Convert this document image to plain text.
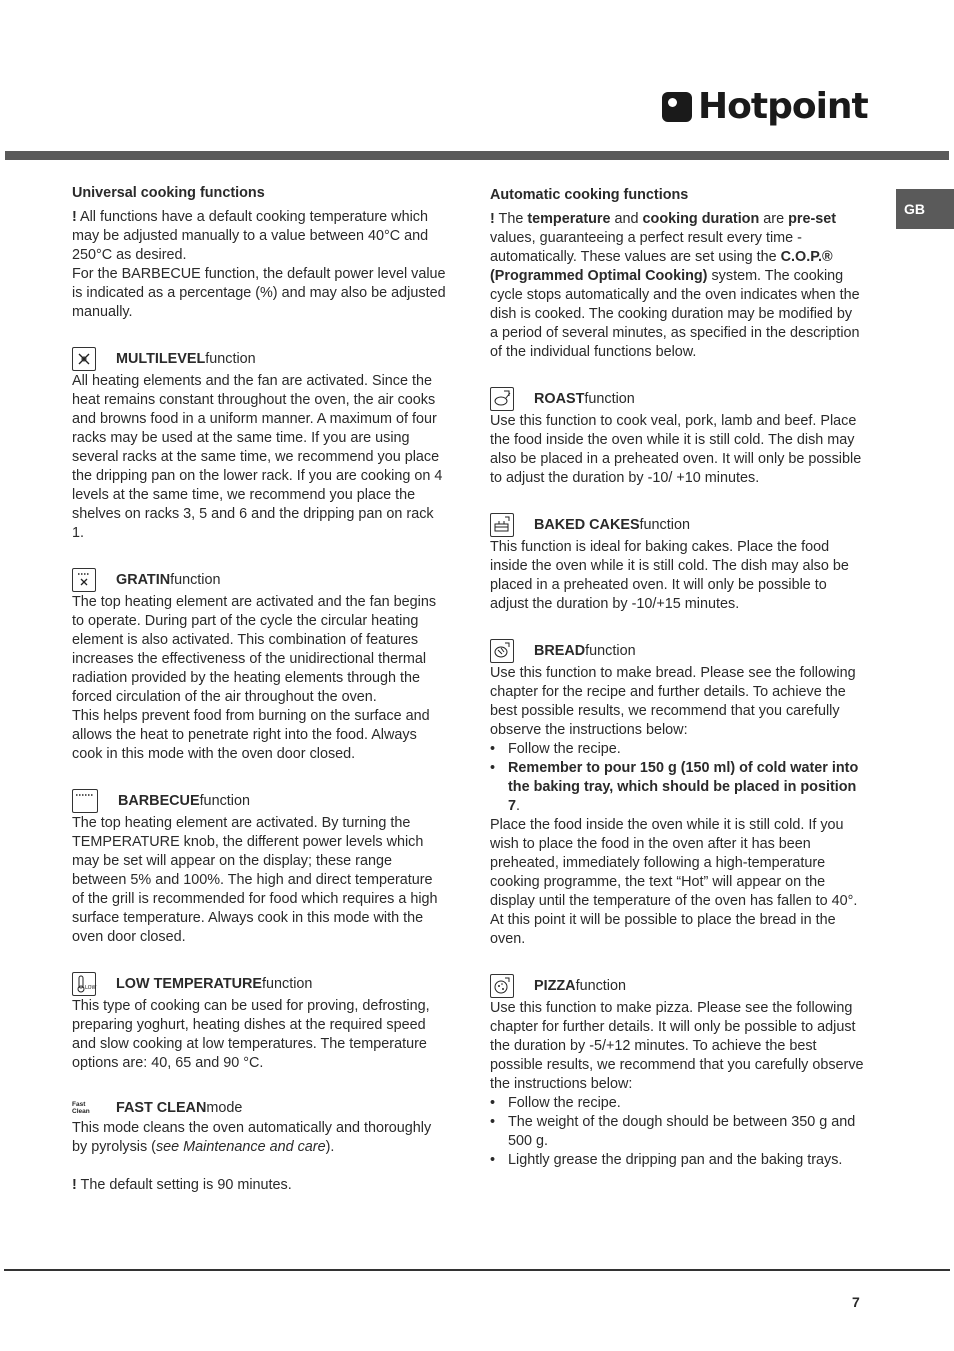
Hotpoint
GB

Universal cooking functions

! All functions have a default cooking temperature which may be adjusted manually to a value between 40°C and 250°C as desired.

For the BARBECUE function, the default power level value is indicated as a percentage (%) and may also be adjusted manually.

MULTILEVEL function

All heating elements and the fan are activated. Since the heat remains constant throughout the oven, the air cooks and browns food in a uniform manner. A maximum of four racks may be used at the same time. If you are using several racks at the same time, we recommend you place the dripping pan on the lower rack. If you are cooking on 4 levels at the same time, we recommend you place the shelves on racks 3, 5 and 6 and the dripping pan on rack 1.

GRATIN function

The top heating element are activated and the fan begins to operate. During part of the cycle the circular heating element is also activated. This combination of features increases the effectiveness of the unidirectional thermal radiation provided by the heating elements through the forced circulation of the air throughout the oven.

This helps prevent food from burning on the surface and allows the heat to penetrate right into the food. Always cook in this mode with the oven door closed.

BARBECUE function

The top heating element are activated. By turning the TEMPERATURE knob, the different power levels which may be set will appear on the display; these range between 5% and 100%. The high and direct temperature of the grill is recommended for food which requires a high surface temperature. Always cook in this mode with the oven door closed.

LOW LOW TEMPERATURE function

This type of cooking can be used for proving, defrosting, preparing yoghurt, heating dishes at the required speed and slow cooking at low temperatures. The temperature options are: 40, 65 and 90 °C.

Fast Clean	FAST CLEAN mode

This mode cleans the oven automatically and thoroughly by pyrolysis (see Maintenance and care).

! The default setting is 90 minutes.

Automatic cooking functions

! The temperature and cooking duration are pre-set values, guaranteeing a perfect result every time - automatically. These values are set using the C.O.P.® (Programmed Optimal Cooking) system. The cooking cycle stops automatically and the oven indicates when the dish is cooked. The cooking duration may be modified by a period of several minutes, as specified in the description of the individual functions below.

ROAST function

Use this function to cook veal, pork, lamb and beef. Place the food inside the oven while it is still cold. The dish may also be placed in a preheated oven. It will only be possible to adjust the duration by -10/ +10 minutes.

BAKED CAKES function

This function is ideal for baking cakes. Place the food inside the oven while it is still cold. The dish may also be placed in a preheated oven. It will only be possible to adjust the duration by -10/+15 minutes.

BREAD function

Use this function to make bread. Please see the following chapter for the recipe and further details. To achieve the best possible results, we recommend that you carefully observe the instructions below:

• Follow the recipe.
• Remember to pour 150 g (150 ml) of cold water into the baking tray, which should be placed in position 7.

Place the food inside the oven while it is still cold. If you wish to place the food in the oven after it has been preheated, immediately following a high-temperature cooking programme, the text “Hot” will appear on the display until the temperature of the oven has fallen to 40°. At this point it will be possible to place the bread in the oven.

PIZZA function

Use this function to make pizza. Please see the following chapter for further details. It will only be possible to adjust the duration by -5/+12 minutes. To achieve the best possible results, we recommend that you carefully observe the instructions below:

• Follow the recipe.
• The weight of the dough should be between 350 g and 500 g.
• Lightly grease the dripping pan and the baking trays.
7
